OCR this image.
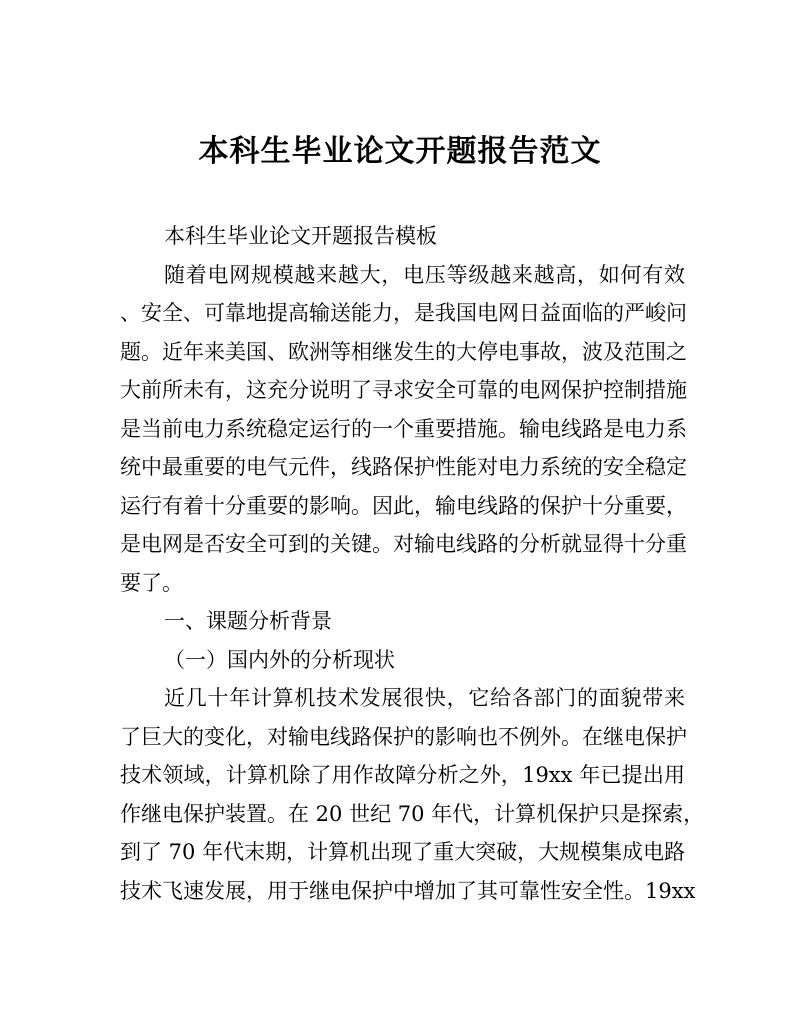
本科生毕业论文开题报告范文
本科生毕业论文开题报告模板
随着电网规模越来越大，电压等级越来越高，如何有效
、安全、可靠地提高输送能力，是我国电网日益面临的严峻问
题。近年来美国、欧洲等相继发生的大停电事故，波及范围之
大前所未有，这充分说明了寻求安全可靠的电网保护控制措施
是当前电力系统稳定运行的一个重要措施。输电线路是电力系
统中最重要的电气元件，线路保护性能对电力系统的安全稳定
运行有着十分重要的影响。因此，输电线路的保护十分重要，
是电网是否安全可到的关键。对输电线路的分析就显得十分重
要了。
一、课题分析背景
（一）国内外的分析现状
近几十年计算机技术发展很快，它给各部门的面貌带来
了巨大的变化，对输电线路保护的影响也不例外。在继电保护
技术领域，计算机除了用作故障分析之外，19xx 年已提出用
作继电保护装置。在 20 世纪 70 年代，计算机保护只是探索，
到了 70 年代末期，计算机出现了重大突破，大规模集成电路
技术飞速发展，用于继电保护中增加了其可靠性安全性。19xx
